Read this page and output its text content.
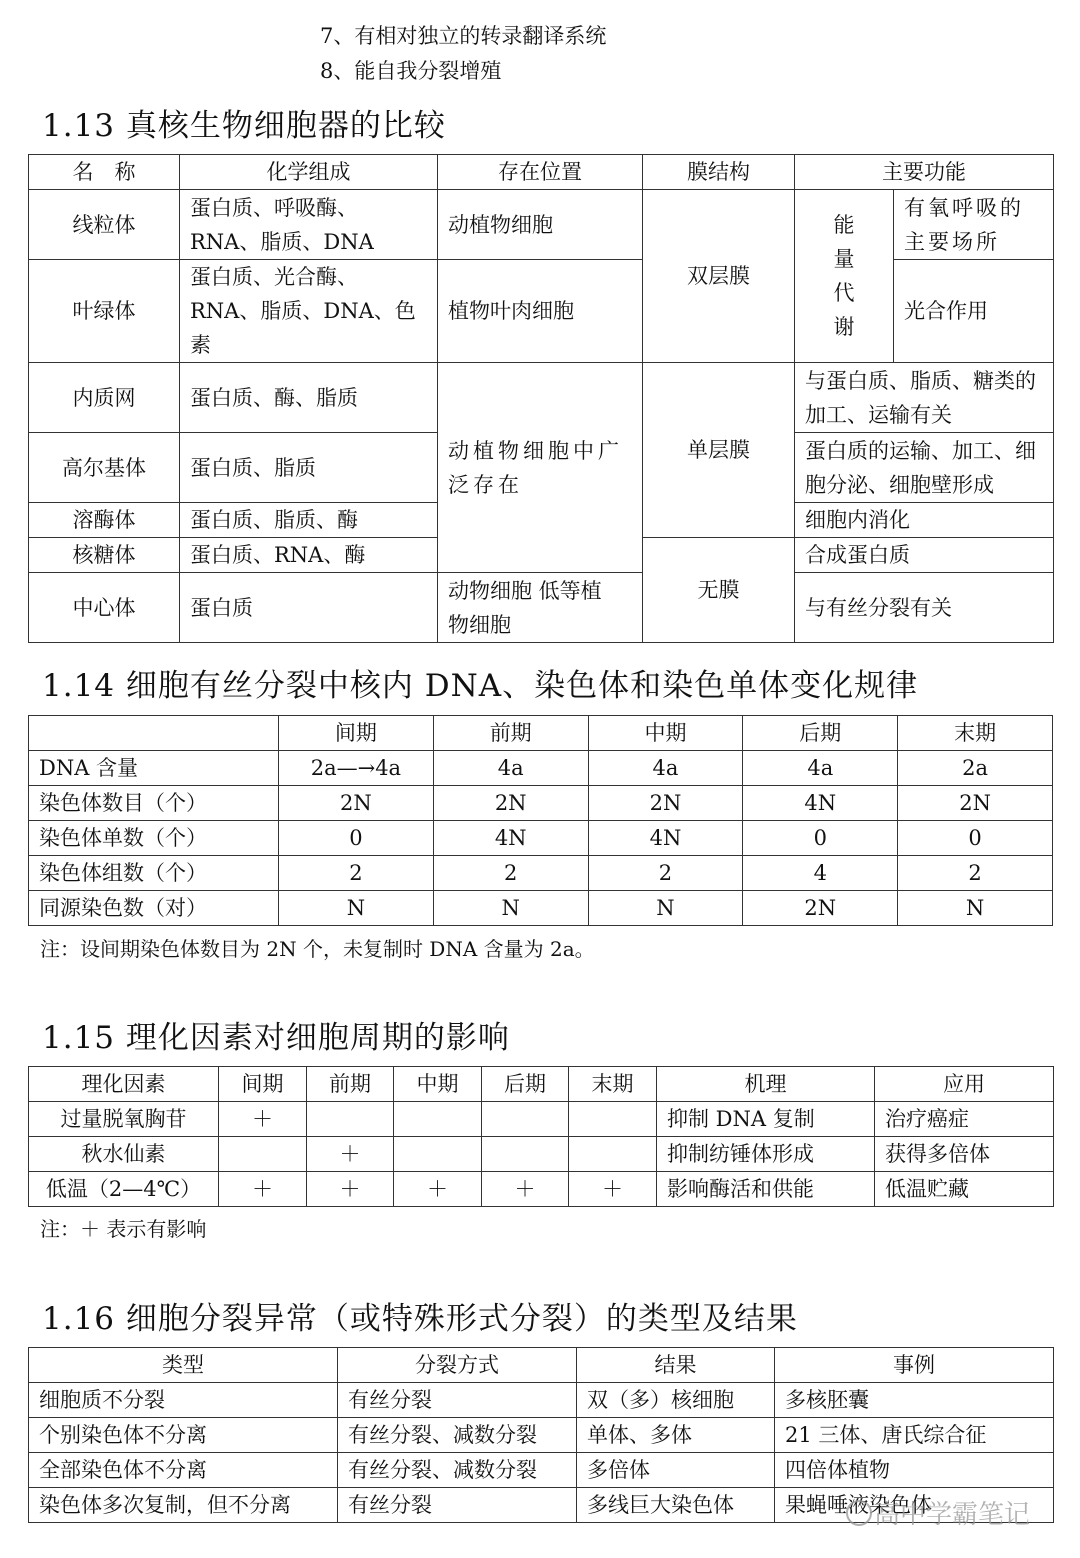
7、有相对独立的转录翻译系统
8、能自我分裂增殖
1.13 真核生物细胞器的比较
名　称	化学组成	存在位置	膜结构	主要功能	
线粒体	蛋白质、呼吸酶、RNA、脂质、DNA	动植物细胞	双层膜	能量代谢	有氧呼吸的主要场所
叶绿体	蛋白质、光合酶、RNA、脂质、DNA、色素	植物叶肉细胞			光合作用
内质网	蛋白质、酶、脂质	动植物细胞中广泛存在	单层膜	与蛋白质、脂质、糖类的加工、运输有关	
高尔基体	蛋白质、脂质			蛋白质的运输、加工、细胞分泌、细胞壁形成	
溶酶体	蛋白质、脂质、酶			细胞内消化	
核糖体	蛋白质、RNA、酶		无膜	合成蛋白质	
中心体	蛋白质	动物细胞 低等植物细胞		与有丝分裂有关	
1.14 细胞有丝分裂中核内 DNA、染色体和染色单体变化规律
	间期	前期	中期	后期	末期
DNA 含量	2a—→4a	4a	4a	4a	2a
染色体数目（个）	2N	2N	2N	4N	2N
染色体单数（个）	0	4N	4N	0	0
染色体组数（个）	2	2	2	4	2
同源染色数（对）	N	N	N	2N	N
注：设间期染色体数目为 2N 个，未复制时 DNA 含量为 2a。
1.15 理化因素对细胞周期的影响
理化因素	间期	前期	中期	后期	末期	机理	应用
过量脱氧胸苷	＋					抑制 DNA 复制	治疗癌症
秋水仙素		＋				抑制纺锤体形成	获得多倍体
低温（2—4℃）	＋	＋	＋	＋	＋	影响酶活和供能	低温贮藏
注：＋ 表示有影响
1.16 细胞分裂异常（或特殊形式分裂）的类型及结果
类型	分裂方式	结果	事例
细胞质不分裂	有丝分裂	双（多）核细胞	多核胚囊
个别染色体不分离	有丝分裂、减数分裂	单体、多体	21 三体、唐氏综合征
全部染色体不分离	有丝分裂、减数分裂	多倍体	四倍体植物
染色体多次复制，但不分离	有丝分裂	多线巨大染色体	果蝇唾液染色体
高中学霸笔记
